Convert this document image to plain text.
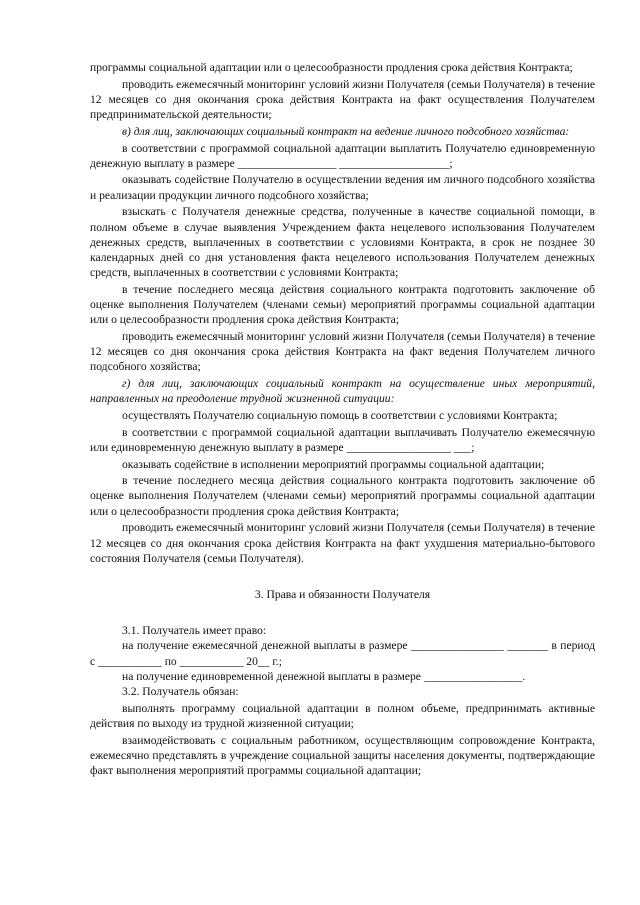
программы социальной адаптации или о целесообразности продления срока действия Контракта;

проводить ежемесячный мониторинг условий жизни Получателя (семьи Получателя) в течение 12 месяцев со дня окончания срока действия Контракта на факт осуществления Получателем предпринимательской деятельности;

в) для лиц, заключающих социальный контракт на ведение личного подсобного хозяйства:

в соответствии с программой социальной адаптации выплатить Получателю единовременную денежную выплату в размере _________________ ___________________;

оказывать содействие Получателю в осуществлении ведения им личного подсобного хозяйства и реализации продукции личного подсобного хозяйства;

взыскать с Получателя денежные средства, полученные в качестве социальной помощи, в полном объеме в случае выявления Учреждением факта нецелевого использования Получателем денежных средств, выплаченных в соответствии с условиями Контракта, в срок не позднее 30 календарных дней со дня установления факта нецелевого использования Получателем денежных средств, выплаченных в соответствии с условиями Контракта;

в течение последнего месяца действия социального контракта подготовить заключение об оценке выполнения Получателем (членами семьи) мероприятий программы социальной адаптации или о целесообразности продления срока действия Контракта;

проводить ежемесячный мониторинг условий жизни Получателя (семьи Получателя) в течение 12 месяцев со дня окончания срока действия Контракта на факт ведения Получателем личного подсобного хозяйства;

г) для лиц, заключающих социальный контракт на осуществление иных мероприятий, направленных на преодоление трудной жизненной ситуации:

осуществлять Получателю социальную помощь в соответствии с условиями Контракта;

в соответствии с программой социальной адаптации выплачивать Получателю ежемесячную или единовременную денежную выплату в размере __________________ ___;

оказывать содействие в исполнении мероприятий программы социальной адаптации;

в течение последнего месяца действия социального контракта подготовить заключение об оценке выполнения Получателем (членами семьи) мероприятий программы социальной адаптации или о целесообразности продления срока действия Контракта;

проводить ежемесячный мониторинг условий жизни Получателя (семьи Получателя) в течение 12 месяцев со дня окончания срока действия Контракта на факт ухудшения материально-бытового состояния Получателя (семьи Получателя).

3. Права и обязанности Получателя

3.1. Получатель имеет право:

на получение ежемесячной денежной выплаты в размере ________________ _______ в период с ___________ по ___________ 20__ г.;

на получение единовременной денежной выплаты в размере _________________.

3.2. Получатель обязан:

выполнять программу социальной адаптации в полном объеме, предпринимать активные действия по выходу из трудной жизненной ситуации;

взаимодействовать с социальным работником, осуществляющим сопровождение Контракта, ежемесячно представлять в учреждение социальной защиты населения документы, подтверждающие факт выполнения мероприятий программы социальной адаптации;
